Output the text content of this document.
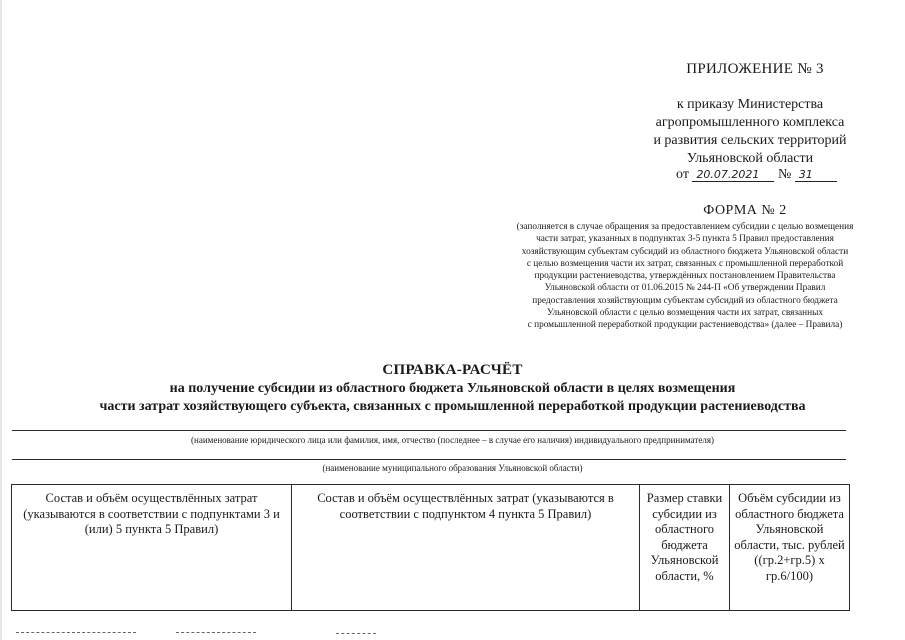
ПРИЛОЖЕНИЕ № 3
к приказу Министерства
агропромышленного комплекса
и развития сельских территорий
Ульяновской области
от 20.07.2021 № 31
ФОРМА № 2
(заполняется в случае обращения за предоставлением субсидии с целью возмещения
части затрат, указанных в подпунктах 3-5 пункта 5 Правил предоставления
хозяйствующим субъектам субсидий из областного бюджета Ульяновской области
с целью возмещения части их затрат, связанных с промышленной переработкой
продукции растениеводства, утверждённых постановлением Правительства
Ульяновской области от 01.06.2015 № 244-П «Об утверждении Правил
предоставления хозяйствующим субъектам субсидий из областного бюджета
Ульяновской области с целью возмещения части их затрат, связанных
с промышленной переработкой продукции растениеводства» (далее – Правила)
СПРАВКА-РАСЧЁТ
на получение субсидии из областного бюджета Ульяновской области в целях возмещения
части затрат хозяйствующего субъекта, связанных с промышленной переработкой продукции растениеводства
(наименование юридического лица или фамилия, имя, отчество (последнее – в случае его наличия) индивидуального предпринимателя)
(наименование муниципального образования Ульяновской области)
Состав и объём осуществлённых затрат (указываются в соответствии с подпунктами 3 и (или) 5 пункта 5 Правил)	Состав и объём осуществлённых затрат (указываются в соответствии с подпунктом 4 пункта 5 Правил)	Размер ставки субсидии из областного бюджета Ульяновской области, %	Объём субсидии из областного бюджета Ульяновской области, тыс. рублей ((гр.2+гр.5) x гр.6/100)
